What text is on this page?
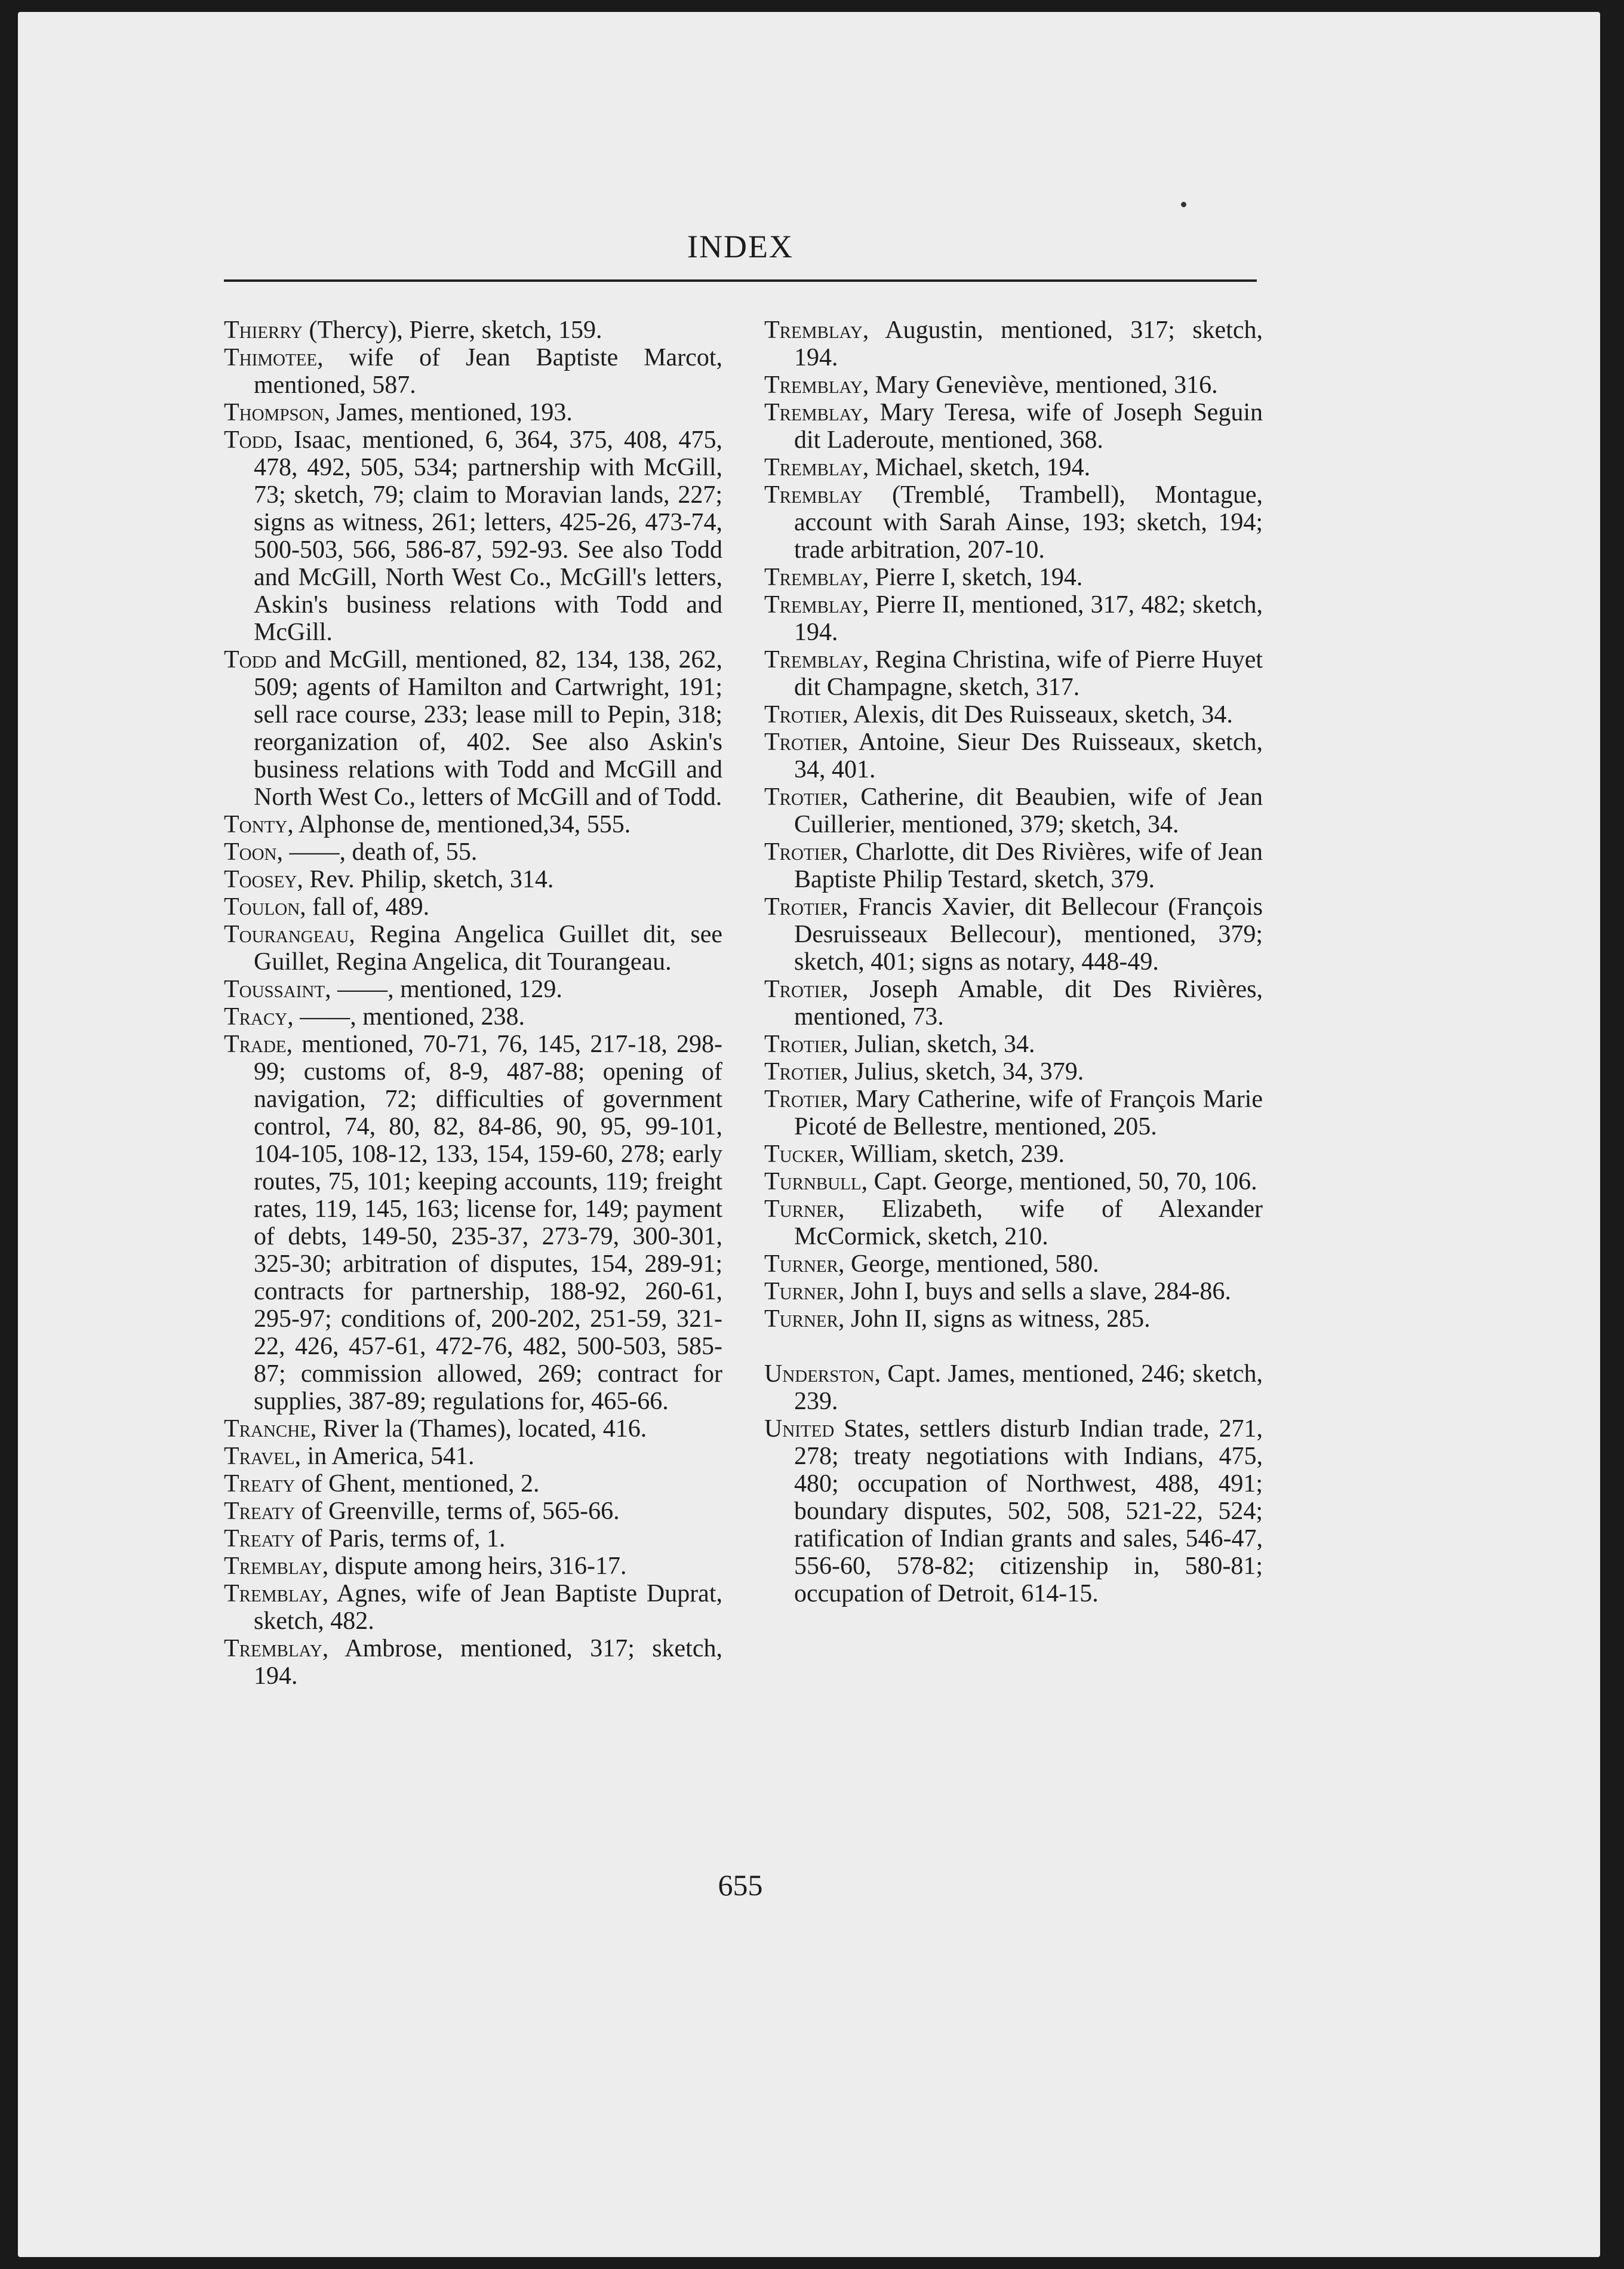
INDEX

Thierry (Thercy), Pierre, sketch, 159.

Thimotee, wife of Jean Baptiste Marcot, mentioned, 587.

Thompson, James, mentioned, 193.

Todd, Isaac, mentioned, 6, 364, 375, 408, 475, 478, 492, 505, 534; partnership with McGill, 73; sketch, 79; claim to Moravian lands, 227; signs as witness, 261; letters, 425-26, 473-74, 500-503, 566, 586-87, 592-93. See also Todd and McGill, North West Co., McGill's letters, Askin's business relations with Todd and McGill.

Todd and McGill, mentioned, 82, 134, 138, 262, 509; agents of Hamilton and Cartwright, 191; sell race course, 233; lease mill to Pepin, 318; reorganization of, 402. See also Askin's business relations with Todd and McGill and North West Co., letters of McGill and of Todd.

Tonty, Alphonse de, mentioned,34, 555.

Toon, ——, death of, 55.

Toosey, Rev. Philip, sketch, 314.

Toulon, fall of, 489.

Tourangeau, Regina Angelica Guillet dit, see Guillet, Regina Angelica, dit Tourangeau.

Toussaint, ——, mentioned, 129.

Tracy, ——, mentioned, 238.

Trade, mentioned, 70-71, 76, 145, 217-18, 298-99; customs of, 8-9, 487-88; opening of navigation, 72; difficulties of government control, 74, 80, 82, 84-86, 90, 95, 99-101, 104-105, 108-12, 133, 154, 159-60, 278; early routes, 75, 101; keeping accounts, 119; freight rates, 119, 145, 163; license for, 149; payment of debts, 149-50, 235-37, 273-79, 300-301, 325-30; arbitration of disputes, 154, 289-91; contracts for partnership, 188-92, 260-61, 295-97; conditions of, 200-202, 251-59, 321-22, 426, 457-61, 472-76, 482, 500-503, 585-87; commission allowed, 269; contract for supplies, 387-89; regulations for, 465-66.

Tranche, River la (Thames), located, 416.

Travel, in America, 541.

Treaty of Ghent, mentioned, 2.

Treaty of Greenville, terms of, 565-66.

Treaty of Paris, terms of, 1.

Tremblay, dispute among heirs, 316-17.

Tremblay, Agnes, wife of Jean Baptiste Duprat, sketch, 482.

Tremblay, Ambrose, mentioned, 317; sketch, 194.

Tremblay, Augustin, mentioned, 317; sketch, 194.

Tremblay, Mary Geneviève, mentioned, 316.

Tremblay, Mary Teresa, wife of Joseph Seguin dit Laderoute, mentioned, 368.

Tremblay, Michael, sketch, 194.

Tremblay (Tremblé, Trambell), Montague, account with Sarah Ainse, 193; sketch, 194; trade arbitration, 207-10.

Tremblay, Pierre I, sketch, 194.

Tremblay, Pierre II, mentioned, 317, 482; sketch, 194.

Tremblay, Regina Christina, wife of Pierre Huyet dit Champagne, sketch, 317.

Trotier, Alexis, dit Des Ruisseaux, sketch, 34.

Trotier, Antoine, Sieur Des Ruisseaux, sketch, 34, 401.

Trotier, Catherine, dit Beaubien, wife of Jean Cuillerier, mentioned, 379; sketch, 34.

Trotier, Charlotte, dit Des Rivières, wife of Jean Baptiste Philip Testard, sketch, 379.

Trotier, Francis Xavier, dit Bellecour (François Desruisseaux Bellecour), mentioned, 379; sketch, 401; signs as notary, 448-49.

Trotier, Joseph Amable, dit Des Rivières, mentioned, 73.

Trotier, Julian, sketch, 34.

Trotier, Julius, sketch, 34, 379.

Trotier, Mary Catherine, wife of François Marie Picoté de Bellestre, mentioned, 205.

Tucker, William, sketch, 239.

Turnbull, Capt. George, mentioned, 50, 70, 106.

Turner, Elizabeth, wife of Alexander McCormick, sketch, 210.

Turner, George, mentioned, 580.

Turner, John I, buys and sells a slave, 284-86.

Turner, John II, signs as witness, 285.

Underston, Capt. James, mentioned, 246; sketch, 239.

United States, settlers disturb Indian trade, 271, 278; treaty negotiations with Indians, 475, 480; occupation of Northwest, 488, 491; boundary disputes, 502, 508, 521-22, 524; ratification of Indian grants and sales, 546-47, 556-60, 578-82; citizenship in, 580-81; occupation of Detroit, 614-15.

655
